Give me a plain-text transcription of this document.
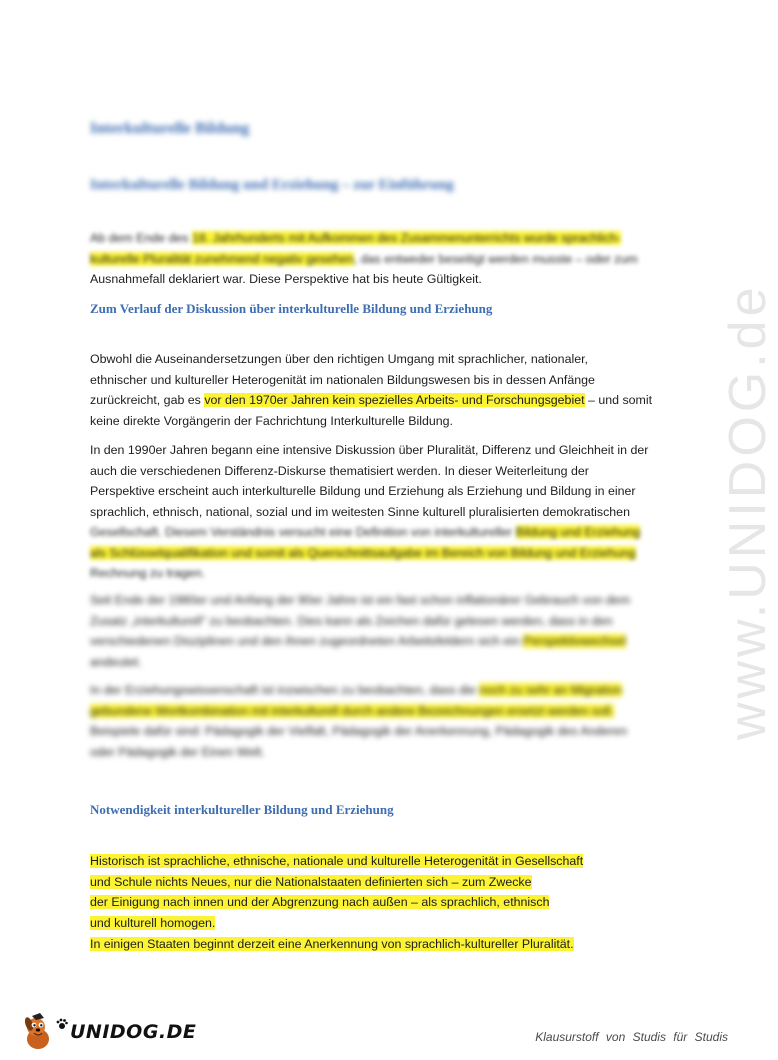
www.UNIDOG.de
Interkulturelle Bildung
Interkulturelle Bildung und Erziehung – zur Einführung
Ab dem Ende des 18. Jahrhunderts mit Aufkommen des Zusammenunterrichts wurde sprachlich-
kulturelle Pluralität zunehmend negativ gesehen, das entweder beseitigt werden musste – oder zum
Ausnahmefall deklariert war. Diese Perspektive hat bis heute Gültigkeit.
Zum Verlauf der Diskussion über interkulturelle Bildung und Erziehung
Obwohl die Auseinandersetzungen über den richtigen Umgang mit sprachlicher, nationaler,
ethnischer und kultureller Heterogenität im nationalen Bildungswesen bis in dessen Anfänge
zurückreicht, gab es vor den 1970er Jahren kein spezielles Arbeits- und Forschungsgebiet – und somit
keine direkte Vorgängerin der Fachrichtung Interkulturelle Bildung.
In den 1990er Jahren begann eine intensive Diskussion über Pluralität, Differenz und Gleichheit in der
auch die verschiedenen Differenz-Diskurse thematisiert werden. In dieser Weiterleitung der
Perspektive erscheint auch interkulturelle Bildung und Erziehung als Erziehung und Bildung in einer
sprachlich, ethnisch, national, sozial und im weitesten Sinne kulturell pluralisierten demokratischen
Gesellschaft. Diesem Verständnis versucht eine Definition von interkultureller Bildung und Erziehung
als Schlüsselqualifikation und somit als Querschnittsaufgabe im Bereich von Bildung und Erziehung
Rechnung zu tragen.
Seit Ende der 1980er und Anfang der 90er Jahre ist ein fast schon inflationärer Gebrauch von dem
Zusatz „interkulturell" zu beobachten. Dies kann als Zeichen dafür gelesen werden, dass in den
verschiedenen Disziplinen und den ihnen zugeordneten Arbeitsfeldern sich ein Perspektivwechsel
andeutet.
In der Erziehungswissenschaft ist inzwischen zu beobachten, dass die noch zu sehr an Migration
gebundene Wortkombination mit interkulturell durch andere Bezeichnungen ersetzt werden soll.
Beispiele dafür sind: Pädagogik der Vielfalt, Pädagogik der Anerkennung, Pädagogik des Anderen
oder Pädagogik der Einen Welt.
Notwendigkeit interkultureller Bildung und Erziehung
Historisch ist sprachliche, ethnische, nationale und kulturelle Heterogenität in Gesellschaft
und Schule nichts Neues, nur die Nationalstaaten definierten sich – zum Zwecke
der Einigung nach innen und der Abgrenzung nach außen – als sprachlich, ethnisch
und kulturell homogen.
In einigen Staaten beginnt derzeit eine Anerkennung von sprachlich-kultureller Pluralität.
UNIDOG.DE	Klausurstoff von Studis für Studis
